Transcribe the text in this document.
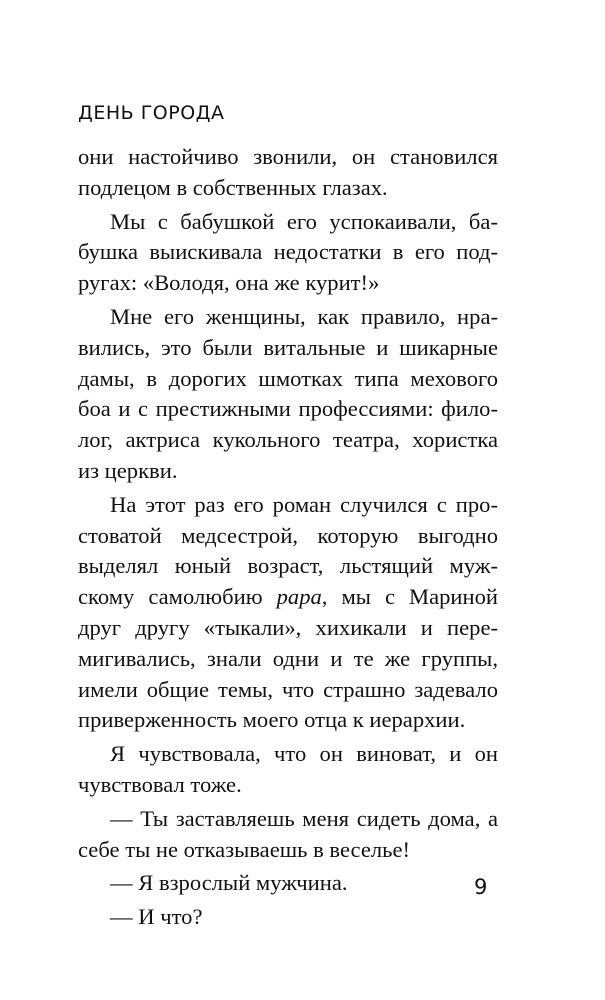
ДЕНЬ ГОРОДА
они настойчиво звонили, он становился
подлецом в собственных глазах.
Мы с бабушкой его успокаивали, ба-
бушка выискивала недостатки в его под-
ругах: «Володя, она же курит!»
Мне его женщины, как правило, нра-
вились, это были витальные и шикарные
дамы, в дорогих шмотках типа мехового
боа и с престижными профессиями: фило-
лог, актриса кукольного театра, хористка
из церкви.
На этот раз его роман случился с про-
стоватой медсестрой, которую выгодно
выделял юный возраст, льстящий муж-
скому самолюбию papa, мы с Мариной
друг другу «тыкали», хихикали и пере-
мигивались, знали одни и те же группы,
имели общие темы, что страшно задевало
приверженность моего отца к иерархии.
Я чувствовала, что он виноват, и он
чувствовал тоже.
— Ты заставляешь меня сидеть дома, а
себе ты не отказываешь в веселье!
— Я взрослый мужчина.
— И что?
9
